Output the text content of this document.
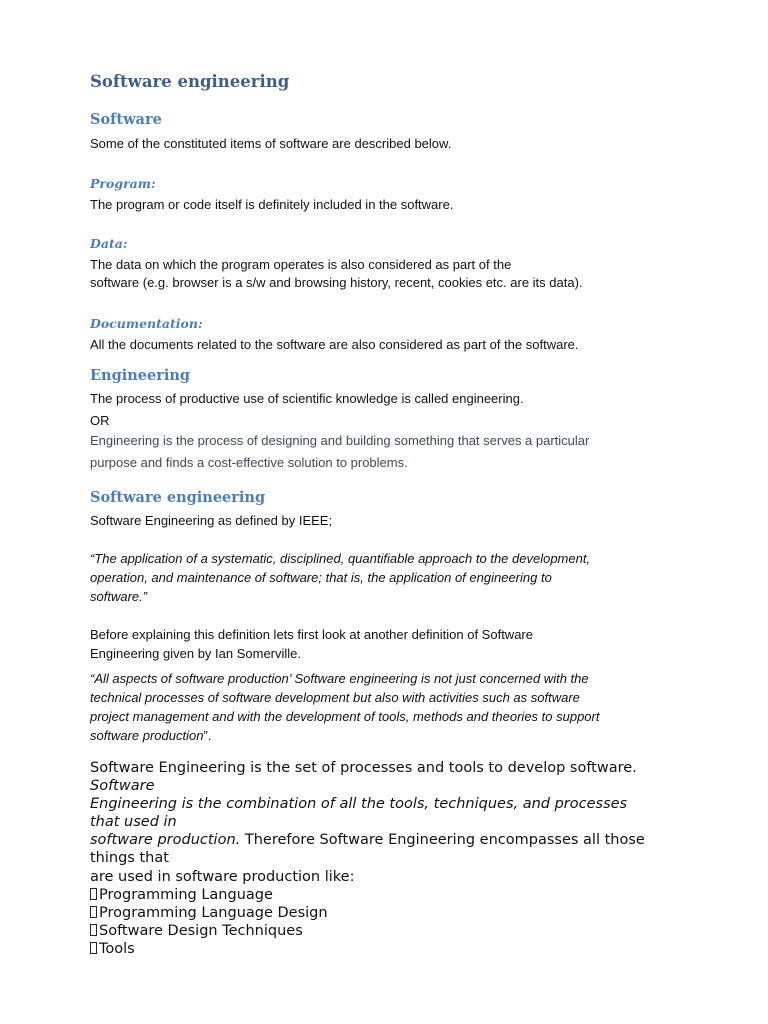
Software engineering
Software
Some of the constituted items of software are described below.
Program:
The program or code itself is definitely included in the software.
Data:
The data on which the program operates is also considered as part of the
software (e.g. browser is a s/w and browsing history, recent, cookies etc. are its data).
Documentation:
All the documents related to the software are also considered as part of the software.
Engineering
The process of productive use of scientific knowledge is called engineering.
OR
Engineering is the process of designing and building something that serves a particular
purpose and finds a cost-effective solution to problems.
Software engineering
Software Engineering as defined by IEEE;
“The application of a systematic, disciplined, quantifiable approach to the development,
operation, and maintenance of software; that is, the application of engineering to
software.”
Before explaining this definition lets first look at another definition of Software
Engineering given by Ian Somerville.
“All aspects of software production’ Software engineering is not just concerned with the
technical processes of software development but also with activities such as software
project management and with the development of tools, methods and theories to support
software production”.
Software Engineering is the set of processes and tools to develop software.
Software
Engineering is the combination of all the tools, techniques, and processes
that used in
software production. Therefore Software Engineering encompasses all those
things that
are used in software production like:
Programming Language
Programming Language Design
Software Design Techniques
Tools
